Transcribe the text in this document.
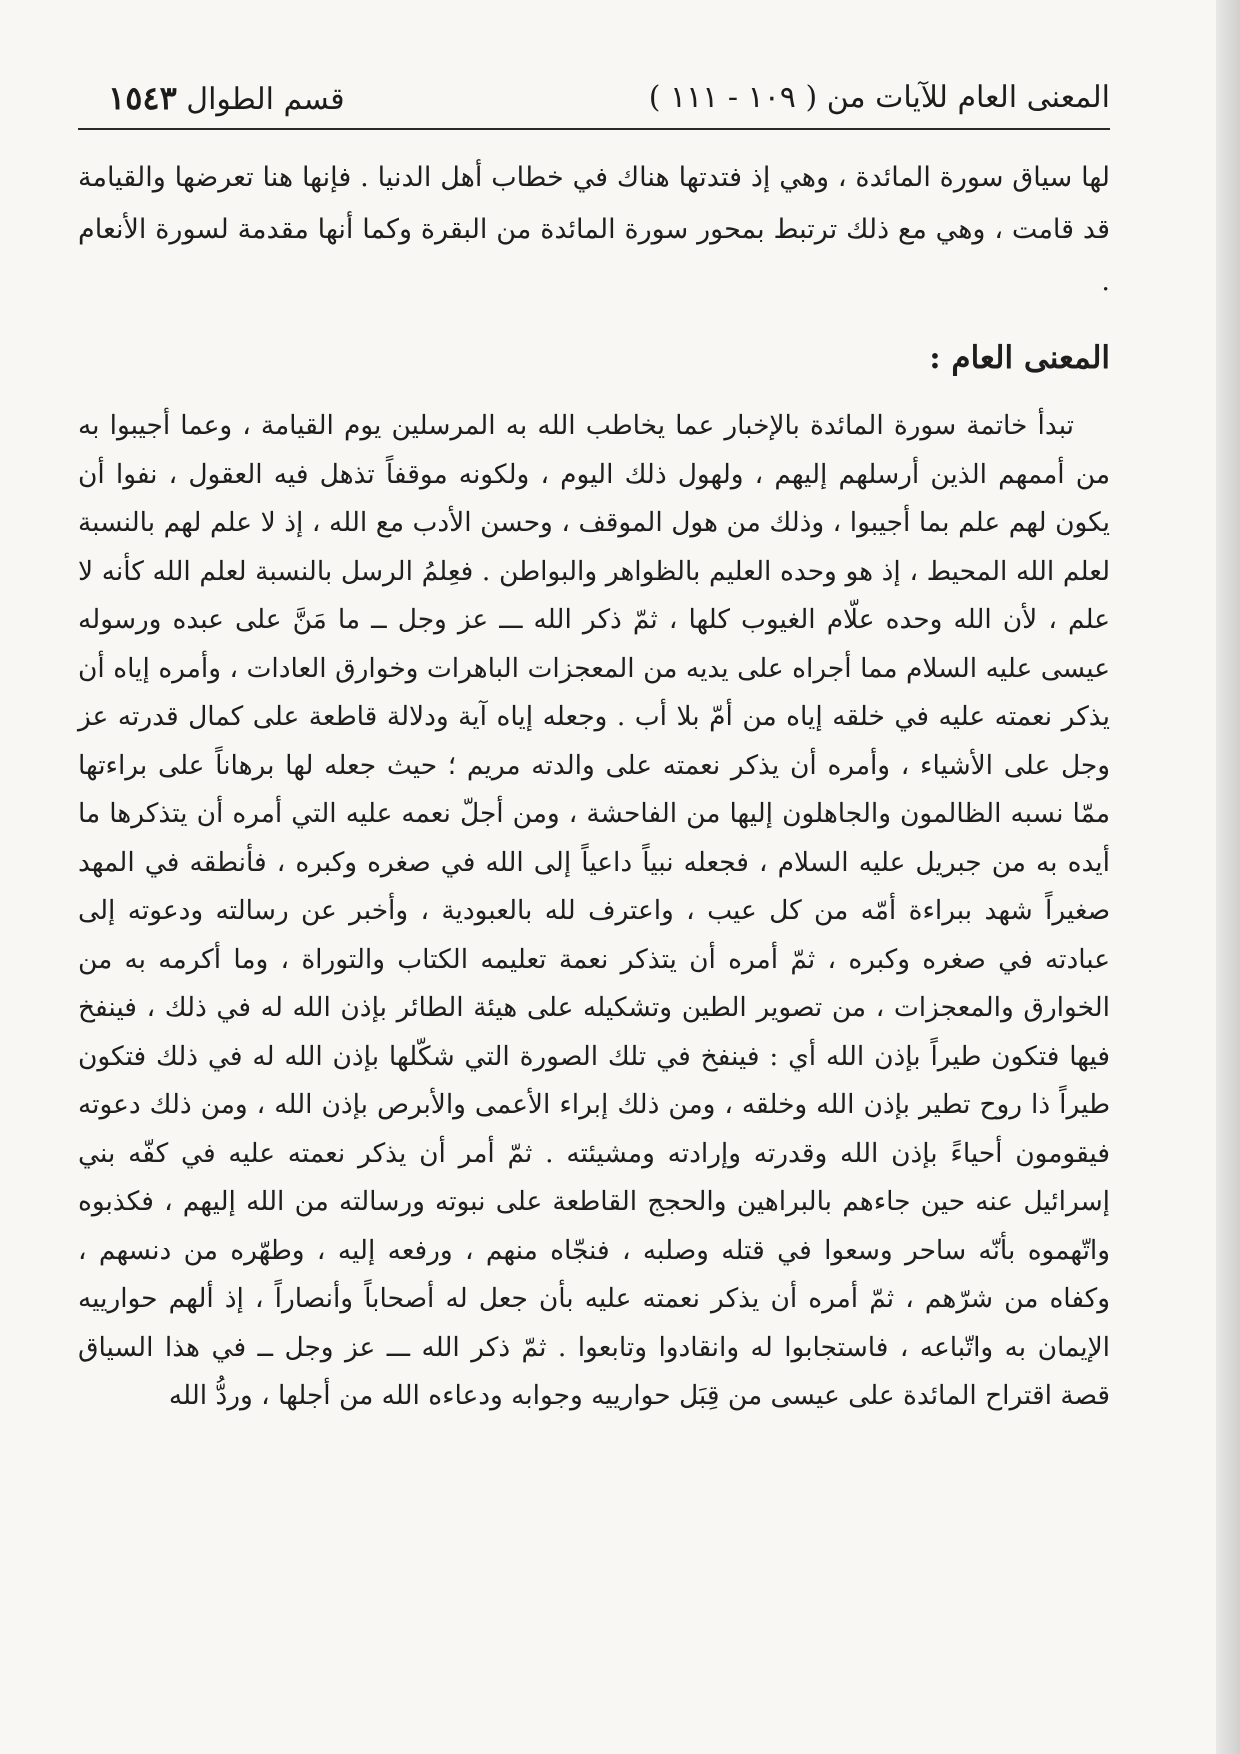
المعنى العام للآيات من ( ١٠٩ - ١١١ )
قسم الطوال ١٥٤٣

لها سياق سورة المائدة ، وهي إذ فتدتها هناك في خطاب أهل الدنيا . فإنها هنا تعرضها والقيامة قد قامت ، وهي مع ذلك ترتبط بمحور سورة المائدة من البقرة وكما أنها مقدمة لسورة الأنعام .

المعنى العام :

تبدأ خاتمة سورة المائدة بالإخبار عما يخاطب الله به المرسلين يوم القيامة ، وعما أجيبوا به من أممهم الذين أرسلهم إليهم ، ولهول ذلك اليوم ، ولكونه موقفاً تذهل فيه العقول ، نفوا أن يكون لهم علم بما أجيبوا ، وذلك من هول الموقف ، وحسن الأدب مع الله ، إذ لا علم لهم بالنسبة لعلم الله المحيط ، إذ هو وحده العليم بالظواهر والبواطن . فعِلمُ الرسل بالنسبة لعلم الله كأنه لا علم ، لأن الله وحده علّام الغيوب كلها ، ثمّ ذكر الله ـــ عز وجل ــ ما مَنَّ على عبده ورسوله عيسى عليه السلام مما أجراه على يديه من المعجزات الباهرات وخوارق العادات ، وأمره إياه أن يذكر نعمته عليه في خلقه إياه من أمّ بلا أب . وجعله إياه آية ودلالة قاطعة على كمال قدرته عز وجل على الأشياء ، وأمره أن يذكر نعمته على والدته مريم ؛ حيث جعله لها برهاناً على براءتها ممّا نسبه الظالمون والجاهلون إليها من الفاحشة ، ومن أجلّ نعمه عليه التي أمره أن يتذكرها ما أيده به من جبريل عليه السلام ، فجعله نبياً داعياً إلى الله في صغره وكبره ، فأنطقه في المهد صغيراً شهد ببراءة أمّه من كل عيب ، واعترف لله بالعبودية ، وأخبر عن رسالته ودعوته إلى عبادته في صغره وكبره ، ثمّ أمره أن يتذكر نعمة تعليمه الكتاب والتوراة ، وما أكرمه به من الخوارق والمعجزات ، من تصوير الطين وتشكيله على هيئة الطائر بإذن الله له في ذلك ، فينفخ فيها فتكون طيراً بإذن الله أي : فينفخ في تلك الصورة التي شكّلها بإذن الله له في ذلك فتكون طيراً ذا روح تطير بإذن الله وخلقه ، ومن ذلك إبراء الأعمى والأبرص بإذن الله ، ومن ذلك دعوته فيقومون أحياءً بإذن الله وقدرته وإرادته ومشيئته . ثمّ أمر أن يذكر نعمته عليه في كفّه بني إسرائيل عنه حين جاءهم بالبراهين والحجج القاطعة على نبوته ورسالته من الله إليهم ، فكذبوه واتّهموه بأنّه ساحر وسعوا في قتله وصلبه ، فنجّاه منهم ، ورفعه إليه ، وطهّره من دنسهم ، وكفاه من شرّهم ، ثمّ أمره أن يذكر نعمته عليه بأن جعل له أصحاباً وأنصاراً ، إذ ألهم حوارييه الإيمان به واتّباعه ، فاستجابوا له وانقادوا وتابعوا . ثمّ ذكر الله ـــ عز وجل ــ في هذا السياق قصة اقتراح المائدة على عيسى من قِبَل حوارييه وجوابه ودعاءه الله من أجلها ، وردُّ الله
